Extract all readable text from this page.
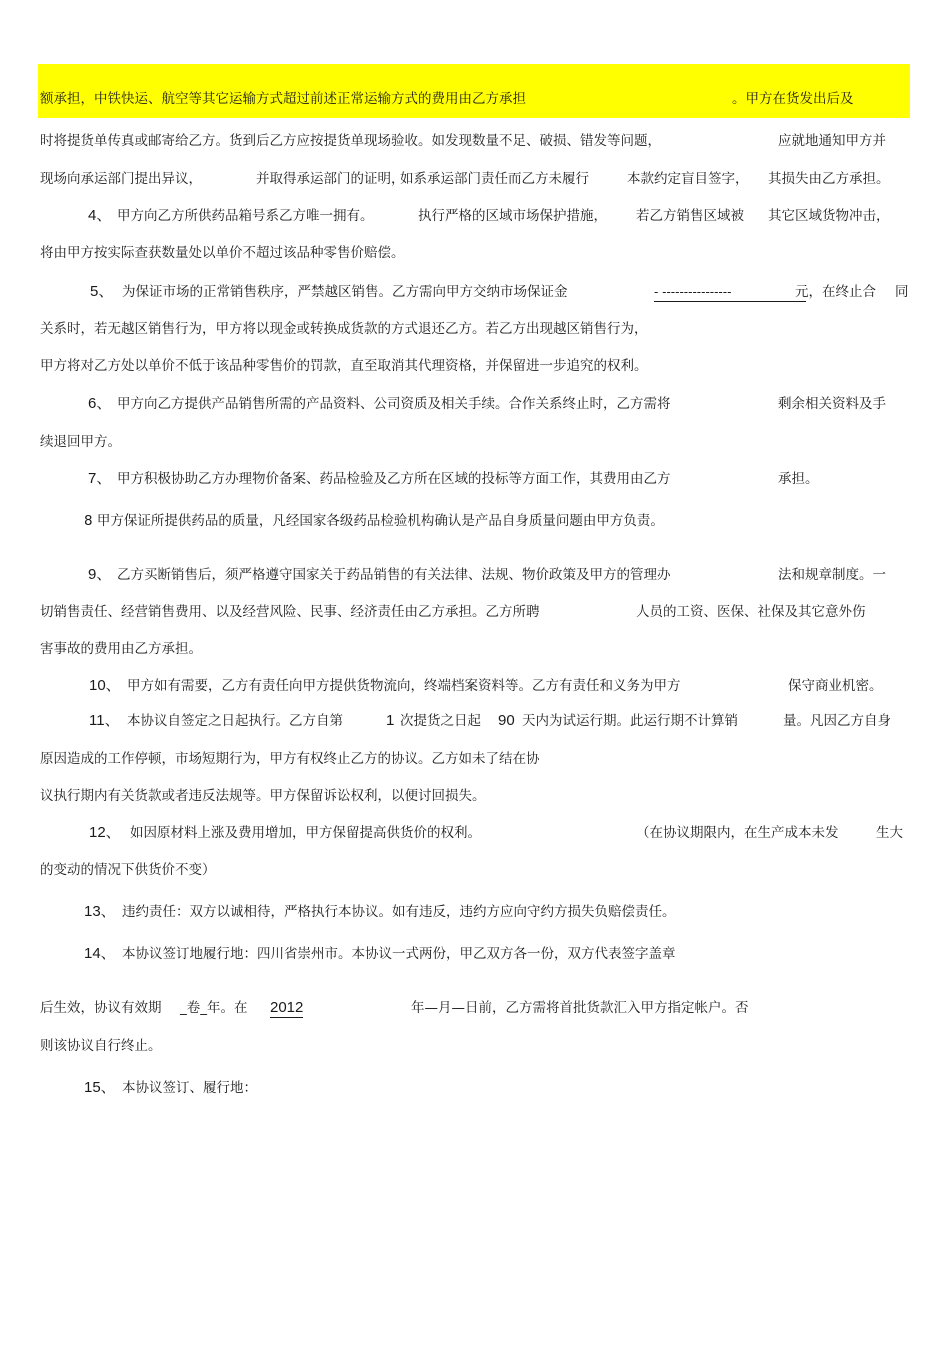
额承担，中铁快运、航空等其它运输方式超过前述正常运输方式的费用由乙方承担	。甲方在货发出后及
时将提货单传真或邮寄给乙方。货到后乙方应按提货单现场验收。如发现数量不足、破损、错发等问题，	应就地通知甲方并
现场向承运部门提出异议，	并取得承运部门的证明，
如系承运部门责任而乙方未履行	本款约定盲目签字， 其损失由乙方承担。
4、 甲方向乙方所供药品箱号系乙方唯一拥有。	执行严格的区域市场保护措施， 若乙方销售区域被 其它区域货物冲击，
将由甲方按实际查获数量处以单价不超过该品种零售价赔偿。
5、 为保证市场的正常销售秩序，严禁越区销售。乙方需向甲方交纳市场保证金	- ----------------	元，在终止合 同
关系时，若无越区销售行为，甲方将以现金或转换成货款的方式退还乙方。若乙方出现越区销售行为，
甲方将对乙方处以单价不低于该品种零售价的罚款，直至取消其代理资格，并保留进一步追究的权利。
6、 甲方向乙方提供产品销售所需的产品资料、公司资质及相关手续。合作关系终止时，乙方需将	剩余相关资料及手
续退回甲方。
7、 甲方积极协助乙方办理物价备案、药品检验及乙方所在区域的投标等方面工作，其费用由乙方	承担。
8 甲方保证所提供药品的质量，凡经国家各级药品检验机构确认是产品自身质量问题由甲方负责。
9、 乙方买断销售后，须严格遵守国家关于药品销售的有关法律、法规、物价政策及甲方的管理办	法和规章制度。一
切销售责任、经营销售费用、以及经营风险、民事、经济责任由乙方承担。乙方所聘	人员的工资、医保、社保及其它意外伤
害事故的费用由乙方承担。
10、 甲方如有需要，乙方有责任向甲方提供货物流向，终端档案资料等。乙方有责任和义务为甲方	保守商业机密。
11、 本协议自签定之日起执行。乙方自第	1 次提货之日起 90 天内为试运行期。此运行期不计算销	量。凡因乙方自身
原因造成的工作停顿，市场短期行为，甲方有权终止乙方的协议。乙方如未了结在协
议执行期内有关货款或者违反法规等。甲方保留诉讼权利，以便讨回损失。
12、 如因原材料上涨及费用增加，甲方保留提高供货价的权利。	（在协议期限内，在生产成本未发	生大
的变动的情况下供货价不变）
13、 违约责任：双方以诚相待，严格执行本协议。如有违反，违约方应向守约方损失负赔偿责任。
14、 本协议签订地履行地：四川省崇州市。本协议一式两份，甲乙双方各一份，双方代表签字盖章
后生效，协议有效期 _卷_年。在 2012	年—月—日前，乙方需将首批货款汇入甲方指定帐户。否
则该协议自行终止。
15、 本协议签订、履行地：
